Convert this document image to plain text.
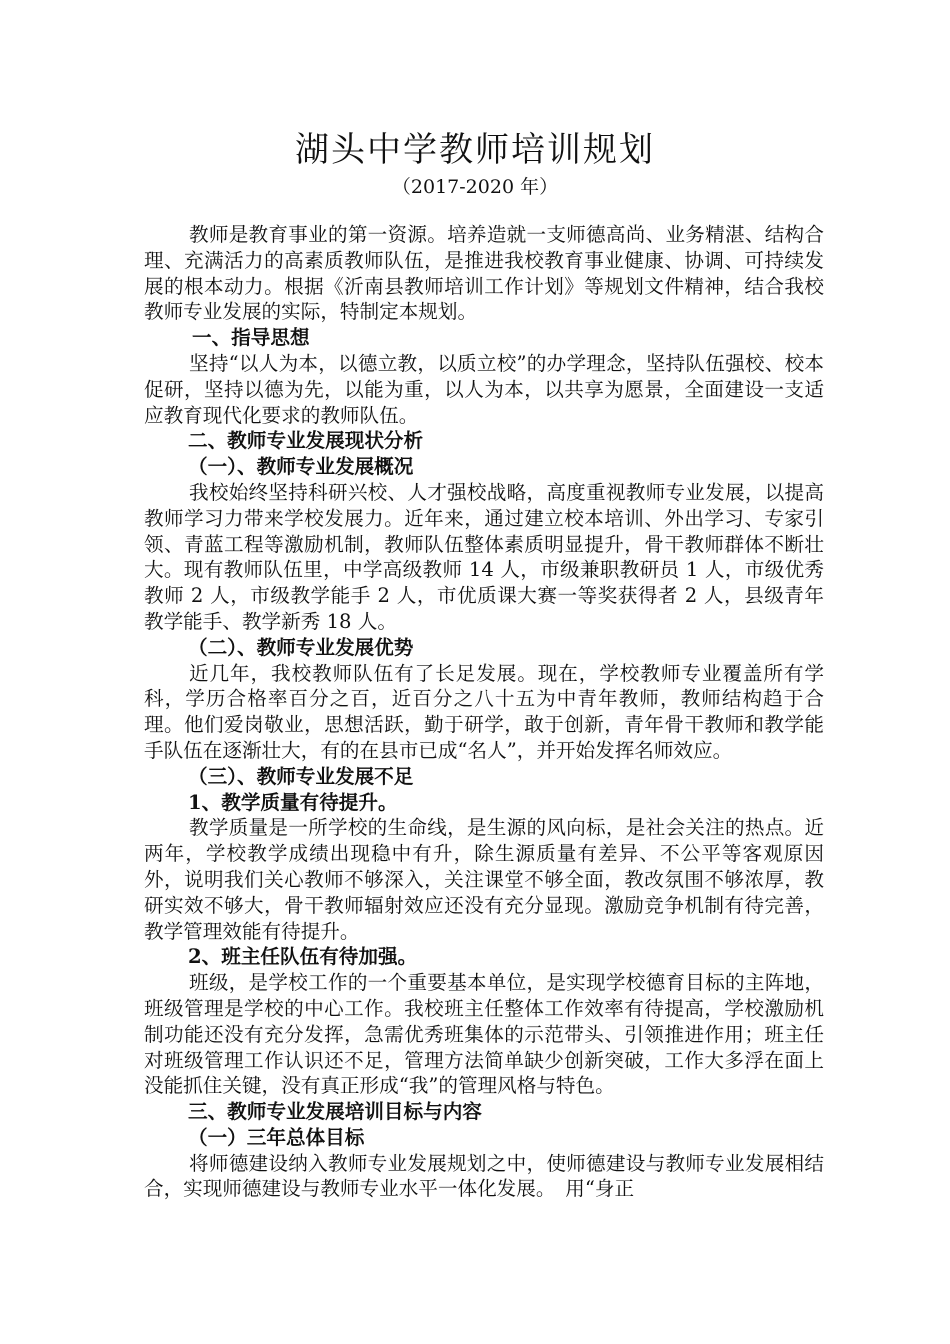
湖头中学教师培训规划
（2017-2020 年）

教师是教育事业的第一资源。培养造就一支师德高尚、业务精湛、结构合理、充满活力的高素质教师队伍，是推进我校教育事业健康、协调、可持续发展的根本动力。根据《沂南县教师培训工作计划》等规划文件精神，结合我校教师专业发展的实际，特制定本规划。

一、指导思想

坚持“以人为本，以德立教，以质立校”的办学理念，坚持队伍强校、校本促研，坚持以德为先，以能为重，以人为本，以共享为愿景，全面建设一支适应教育现代化要求的教师队伍。

二、教师专业发展现状分析

（一）、教师专业发展概况

我校始终坚持科研兴校、人才强校战略，高度重视教师专业发展，以提高教师学习力带来学校发展力。近年来，通过建立校本培训、外出学习、专家引领、青蓝工程等激励机制，教师队伍整体素质明显提升，骨干教师群体不断壮大。现有教师队伍里，中学高级教师 14 人，市级兼职教研员 1 人，市级优秀教师 2 人，市级教学能手 2 人，市优质课大赛一等奖获得者 2 人，县级青年教学能手、教学新秀 18 人。

（二）、教师专业发展优势

近几年，我校教师队伍有了长足发展。现在，学校教师专业覆盖所有学科，学历合格率百分之百，近百分之八十五为中青年教师，教师结构趋于合理。他们爱岗敬业，思想活跃，勤于研学，敢于创新，青年骨干教师和教学能手队伍在逐渐壮大，有的在县市已成“名人”，并开始发挥名师效应。

（三）、教师专业发展不足

1、教学质量有待提升。

教学质量是一所学校的生命线，是生源的风向标，是社会关注的热点。近两年，学校教学成绩出现稳中有升，除生源质量有差异、不公平等客观原因外，说明我们关心教师不够深入，关注课堂不够全面，教改氛围不够浓厚，教研实效不够大，骨干教师辐射效应还没有充分显现。激励竞争机制有待完善，教学管理效能有待提升。

2、班主任队伍有待加强。

班级，是学校工作的一个重要基本单位，是实现学校德育目标的主阵地，班级管理是学校的中心工作。我校班主任整体工作效率有待提高，学校激励机制功能还没有充分发挥，急需优秀班集体的示范带头、引领推进作用；班主任对班级管理工作认识还不足，管理方法简单缺少创新突破，工作大多浮在面上没能抓住关键，没有真正形成“我”的管理风格与特色。

三、教师专业发展培训目标与内容

（一）三年总体目标

将师德建设纳入教师专业发展规划之中，使师德建设与教师专业发展相结合，实现师德建设与教师专业水平一体化发展。　用“身正
